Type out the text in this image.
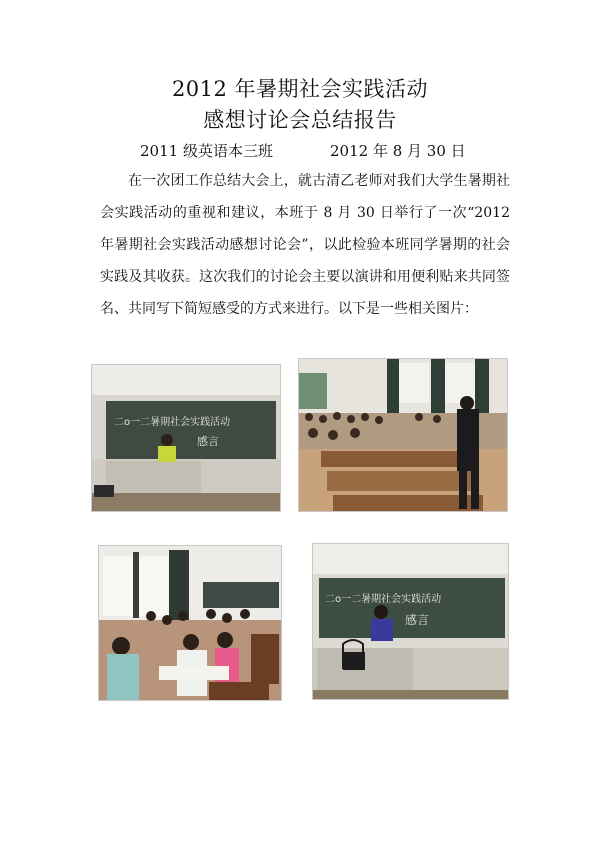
2012 年暑期社会实践活动
感想讨论会总结报告
2011 级英语本三班	2012 年 8 月 30 日
在一次团工作总结大会上，就古清乙老师对我们大学生暑期社会实践活动的重视和建议，本班于 8 月 30 日举行了一次“2012 年暑期社会实践活动感想讨论会”，以此检验本班同学暑期的社会实践及其收获。这次我们的讨论会主要以演讲和用便利贴来共同签名、共同写下简短感受的方式来进行。以下是一些相关图片：
二o一二暑期社会实践活动
感言
二o一二暑期社会实践活动
感言
